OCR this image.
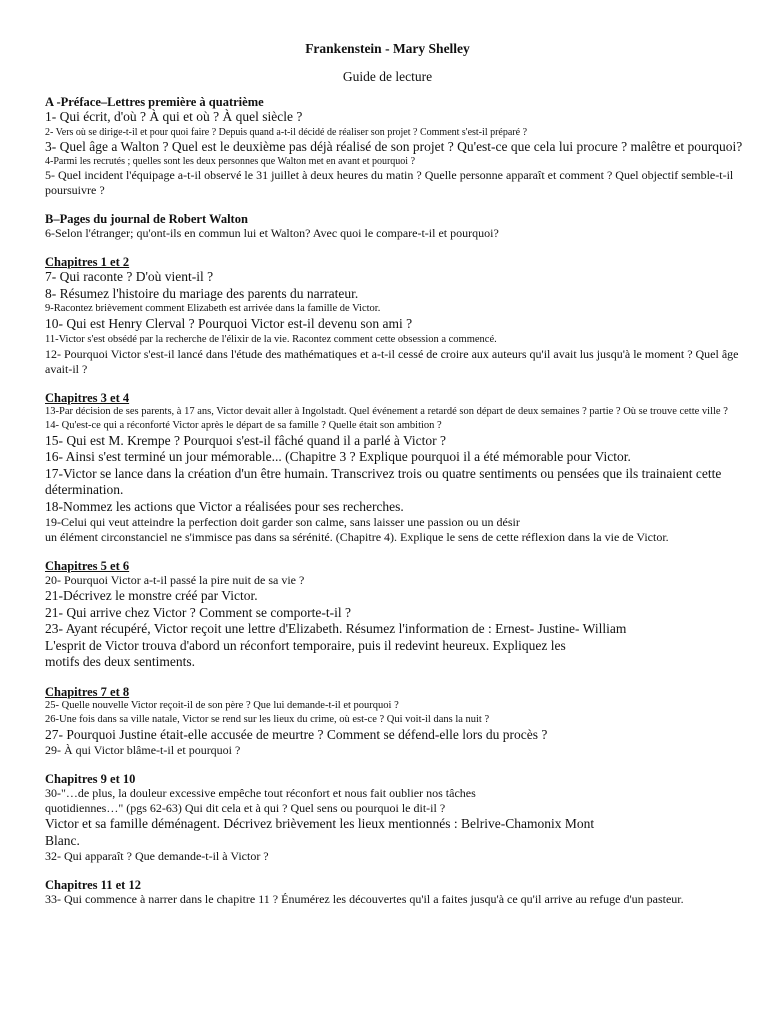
Frankenstein - Mary Shelley
Guide de lecture
A -Préface–Lettres première à quatrième
1- Qui écrit, d'où ? À qui et où ? À quel siècle ?
2- Vers où se dirige-t-il et pour quoi faire ? Depuis quand a-t-il décidé de réaliser son projet ? Comment s'est-il préparé ?
3- Quel âge a Walton ? Quel est le deuxième pas déjà réalisé de son projet ? Qu'est-ce que cela lui procure ? malêtre et pourquoi?
4-Parmi les recrutés ; quelles sont les deux personnes que Walton met en avant et pourquoi ?
5- Quel incident l'équipage a-t-il observé le 31 juillet à deux heures du matin ? Quelle personne apparaît et comment ? Quel objectif semble-t-il poursuivre ?
B–Pages du journal de Robert Walton
6-Selon l'étranger; qu'ont-ils en commun lui et Walton? Avec quoi le compare-t-il et pourquoi?
Chapitres 1 et 2
7- Qui raconte ? D'où vient-il ?
8- Résumez l'histoire du mariage des parents du narrateur.
9-Racontez brièvement comment Elizabeth est arrivée dans la famille de Victor.
10- Qui est Henry Clerval ? Pourquoi Victor est-il devenu son ami ?
11-Victor s'est obsédé par la recherche de l'élixir de la vie. Racontez comment cette obsession a commencé.
12- Pourquoi Victor s'est-il lancé dans l'étude des mathématiques et a-t-il cessé de croire aux auteurs qu'il avait lus jusqu'à le moment ? Quel âge avait-il ?
Chapitres 3 et 4
13-Par décision de ses parents, à 17 ans, Victor devait aller à Ingolstadt. Quel événement a retardé son départ de deux semaines ? partie ? Où se trouve cette ville ?
14- Qu'est-ce qui a réconforté Victor après le départ de sa famille ? Quelle était son ambition ?
15- Qui est M. Krempe ? Pourquoi s'est-il fâché quand il a parlé à Victor ?
16- Ainsi s'est terminé un jour mémorable... (Chapitre 3 ? Explique pourquoi il a été mémorable pour Victor.
17-Victor se lance dans la création d'un être humain. Transcrivez trois ou quatre sentiments ou pensées que ils trainaient cette détermination.
18-Nommez les actions que Victor a réalisées pour ses recherches.
19-Celui qui veut atteindre la perfection doit garder son calme, sans laisser une passion ou un désir
un élément circonstanciel ne s'immisce pas dans sa sérénité. (Chapitre 4). Explique le sens de cette réflexion dans la vie de Victor.
Chapitres 5 et 6
20- Pourquoi Victor a-t-il passé la pire nuit de sa vie ?
21-Décrivez le monstre créé par Victor.
21- Qui arrive chez Victor ? Comment se comporte-t-il ?
23- Ayant récupéré, Victor reçoit une lettre d'Elizabeth. Résumez l'information de : Ernest- Justine- William
L'esprit de Victor trouva d'abord un réconfort temporaire, puis il redevint heureux. Expliquez les
motifs des deux sentiments.
Chapitres 7 et 8
25- Quelle nouvelle Victor reçoit-il de son père ? Que lui demande-t-il et pourquoi ?
26-Une fois dans sa ville natale, Victor se rend sur les lieux du crime, où est-ce ? Qui voit-il dans la nuit ?
27- Pourquoi Justine était-elle accusée de meurtre ? Comment se défend-elle lors du procès ?
29- À qui Victor blâme-t-il et pourquoi ?
Chapitres 9 et 10
30-"…de plus, la douleur excessive empêche tout réconfort et nous fait oublier nos tâches
quotidiennes…" (pgs 62-63) Qui dit cela et à qui ? Quel sens ou pourquoi le dit-il ?
Victor et sa famille déménagent. Décrivez brièvement les lieux mentionnés : Belrive-Chamonix Mont Blanc.
32- Qui apparaît ? Que demande-t-il à Victor ?
Chapitres 11 et 12
33- Qui commence à narrer dans le chapitre 11 ? Énumérez les découvertes qu'il a faites jusqu'à ce qu'il arrive au refuge d'un pasteur.
